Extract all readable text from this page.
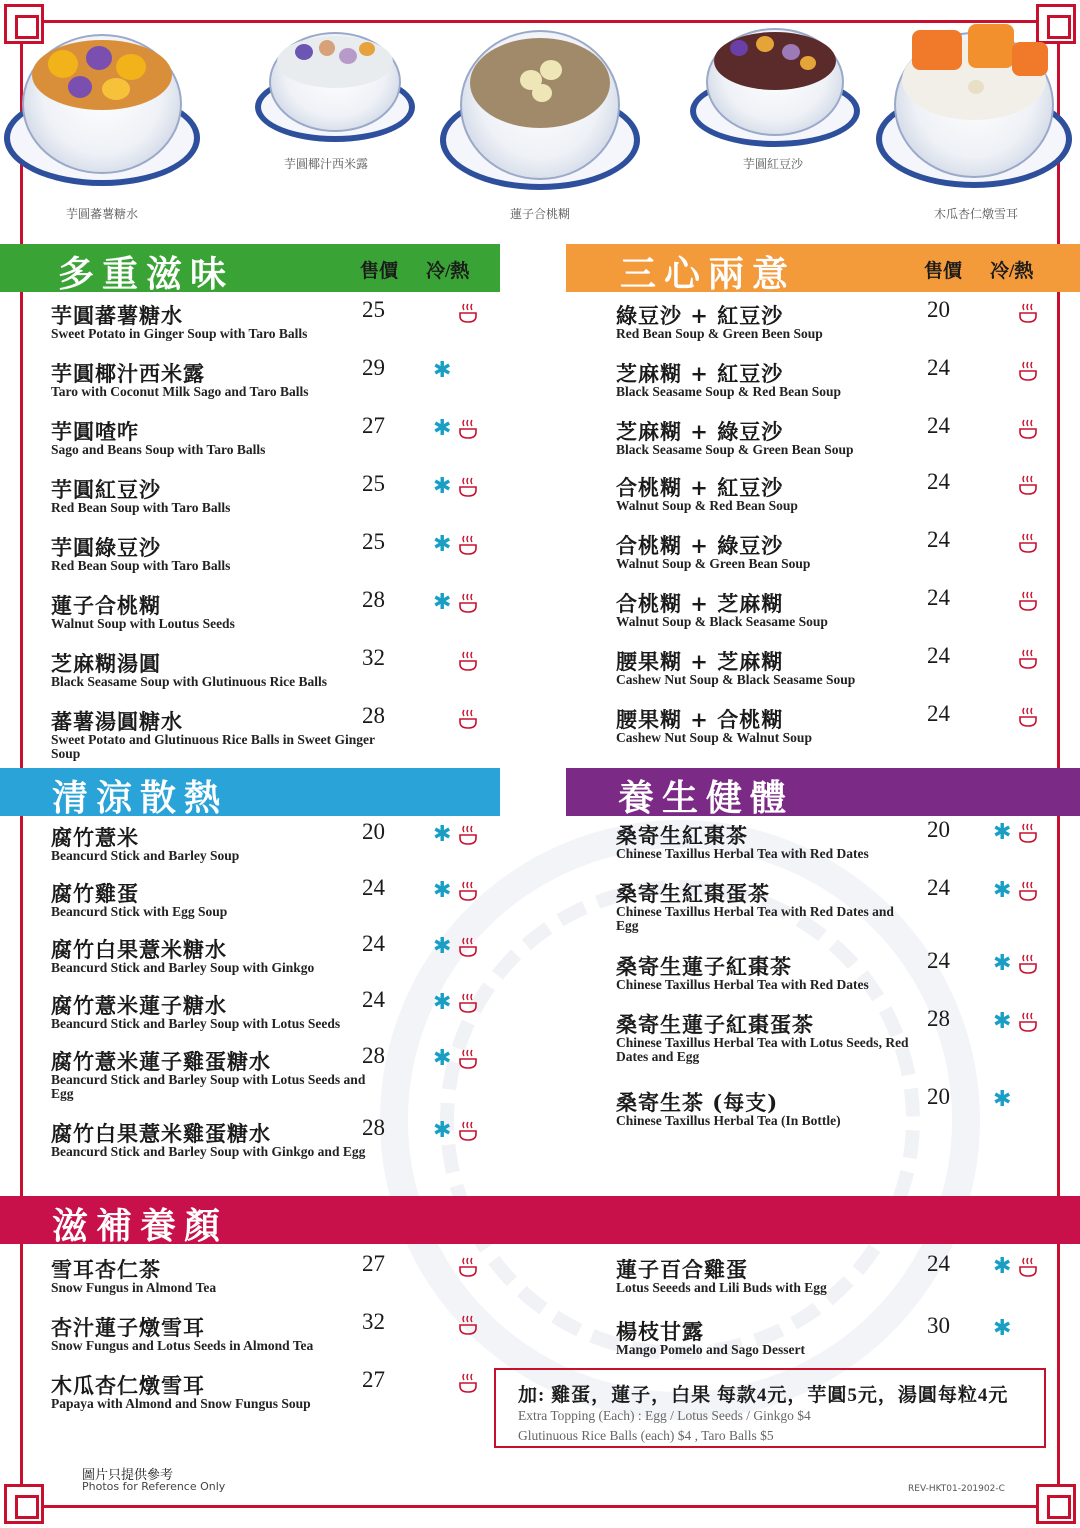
芋圓蕃薯糖水
芋圓椰汁西米露
蓮子合桃糊
芋圓紅豆沙
木瓜杏仁燉雪耳
多重滋味	售價 冷/熱
芋圓蕃薯糖水
Sweet Potato in Ginger Soup with Taro Balls
25
芋圓椰汁西米露
Taro with Coconut Milk Sago and Taro Balls
29 ✱
芋圓喳咋
Sago and Beans Soup with Taro Balls
27 ✱
芋圓紅豆沙
Red Bean Soup with Taro Balls
25 ✱
芋圓綠豆沙
Red Bean Soup with Taro Balls
25 ✱
蓮子合桃糊
Walnut Soup with Loutus Seeds
28 ✱
芝麻糊湯圓
Black Seasame Soup with Glutinuous Rice Balls
32
蕃薯湯圓糖水
Sweet Potato and Glutinuous Rice Balls in Sweet Ginger Soup
28
三心兩意	售價 冷/熱
綠豆沙 + 紅豆沙
Red Bean Soup & Green Been Soup
20
芝麻糊 + 紅豆沙
Black Seasame Soup & Red Bean Soup
24
芝麻糊 + 綠豆沙
Black Seasame Soup & Green Bean Soup
24
合桃糊 + 紅豆沙
Walnut Soup & Red Bean Soup
24
合桃糊 + 綠豆沙
Walnut Soup & Green Bean Soup
24
合桃糊 + 芝麻糊
Walnut Soup & Black Seasame Soup
24
腰果糊 + 芝麻糊
Cashew Nut Soup & Black Seasame Soup
24
腰果糊 + 合桃糊
Cashew Nut Soup & Walnut Soup
24
清涼散熱
腐竹薏米
Beancurd Stick and Barley Soup
20 ✱
腐竹雞蛋
Beancurd Stick with Egg Soup
24 ✱
腐竹白果薏米糖水
Beancurd Stick and Barley Soup with Ginkgo
24 ✱
腐竹薏米蓮子糖水
Beancurd Stick and Barley Soup with Lotus Seeds
24 ✱
腐竹薏米蓮子雞蛋糖水
Beancurd Stick and Barley Soup with Lotus Seeds and Egg
28 ✱
腐竹白果薏米雞蛋糖水
Beancurd Stick and Barley Soup with Ginkgo and Egg
28 ✱
養生健體
桑寄生紅棗茶
Chinese Taxillus Herbal Tea with Red Dates
20 ✱
桑寄生紅棗蛋茶
Chinese Taxillus Herbal Tea with Red Dates and Egg
24 ✱
桑寄生蓮子紅棗茶
Chinese Taxillus Herbal Tea with Red Dates
24 ✱
桑寄生蓮子紅棗蛋茶
Chinese Taxillus Herbal Tea with Lotus Seeds, Red Dates and Egg
28 ✱
桑寄生茶 (每支)
Chinese Taxillus Herbal Tea (In Bottle)
20 ✱
滋補養顏
雪耳杏仁茶
Snow Fungus in Almond Tea
27
杏汁蓮子燉雪耳
Snow Fungus and Lotus Seeds in Almond Tea
32
木瓜杏仁燉雪耳
Papaya with Almond and Snow Fungus Soup
27
蓮子百合雞蛋
Lotus Seeeds and Lili Buds with Egg
24 ✱
楊枝甘露
Mango Pomelo and Sago Dessert
30 ✱
加: 雞蛋，蓮子，白果 每款4元，芋圓5元，湯圓每粒4元
Extra Topping (Each) : Egg / Lotus Seeds / Ginkgo $4
Glutinuous Rice Balls (each) $4 , Taro Balls $5
圖片只提供參考
Photos for Reference Only	REV-HKT01-201902-C
